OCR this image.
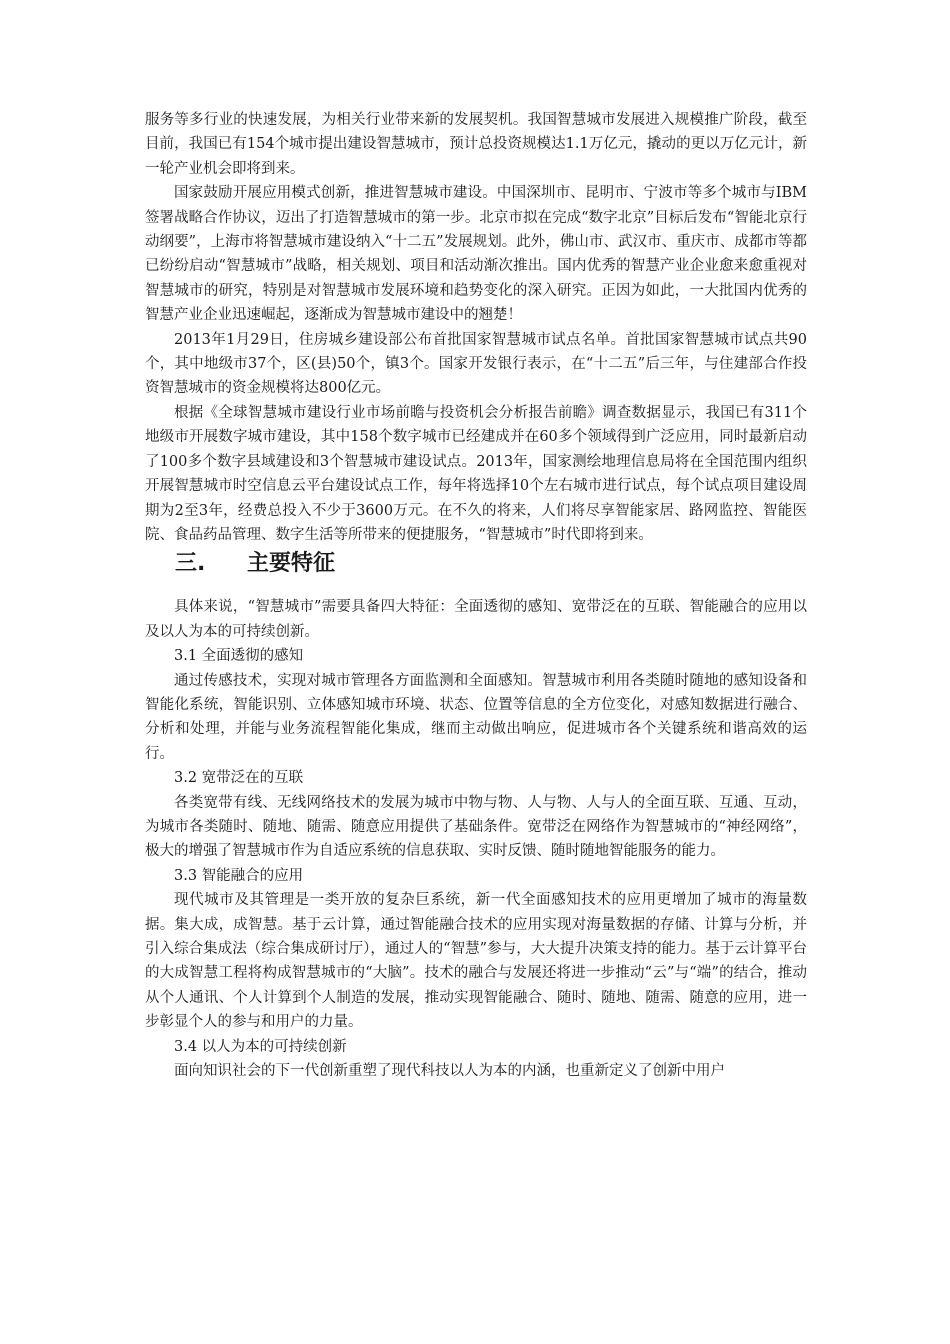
服务等多行业的快速发展，为相关行业带来新的发展契机。我国智慧城市发展进入规模推广阶段，截至目前，我国已有154个城市提出建设智慧城市，预计总投资规模达1.1万亿元，撬动的更以万亿元计，新一轮产业机会即将到来。

国家鼓励开展应用模式创新，推进智慧城市建设。中国深圳市、昆明市、宁波市等多个城市与IBM签署战略合作协议，迈出了打造智慧城市的第一步。北京市拟在完成“数字北京”目标后发布“智能北京行动纲要”，上海市将智慧城市建设纳入“十二五”发展规划。此外，佛山市、武汉市、重庆市、成都市等都已纷纷启动“智慧城市”战略，相关规划、项目和活动渐次推出。国内优秀的智慧产业企业愈来愈重视对智慧城市的研究，特别是对智慧城市发展环境和趋势变化的深入研究。正因为如此，一大批国内优秀的智慧产业企业迅速崛起，逐渐成为智慧城市建设中的翘楚！

2013年1月29日，住房城乡建设部公布首批国家智慧城市试点名单。首批国家智慧城市试点共90个，其中地级市37个，区(县)50个，镇3个。国家开发银行表示，在“十二五”后三年，与住建部合作投资智慧城市的资金规模将达800亿元。

根据《全球智慧城市建设行业市场前瞻与投资机会分析报告前瞻》调查数据显示，我国已有311个地级市开展数字城市建设，其中158个数字城市已经建成并在60多个领域得到广泛应用，同时最新启动了100多个数字县域建设和3个智慧城市建设试点。2013年，国家测绘地理信息局将在全国范围内组织开展智慧城市时空信息云平台建设试点工作，每年将选择10个左右城市进行试点，每个试点项目建设周期为2至3年，经费总投入不少于3600万元。在不久的将来，人们将尽享智能家居、路网监控、智能医院、食品药品管理、数字生活等所带来的便捷服务，“智慧城市”时代即将到来。

三. 主要特征

具体来说，“智慧城市”需要具备四大特征：全面透彻的感知、宽带泛在的互联、智能融合的应用以及以人为本的可持续创新。

3.1 全面透彻的感知

通过传感技术，实现对城市管理各方面监测和全面感知。智慧城市利用各类随时随地的感知设备和智能化系统，智能识别、立体感知城市环境、状态、位置等信息的全方位变化，对感知数据进行融合、分析和处理，并能与业务流程智能化集成，继而主动做出响应，促进城市各个关键系统和谐高效的运行。

3.2 宽带泛在的互联

各类宽带有线、无线网络技术的发展为城市中物与物、人与物、人与人的全面互联、互通、互动，为城市各类随时、随地、随需、随意应用提供了基础条件。宽带泛在网络作为智慧城市的“神经网络”，极大的增强了智慧城市作为自适应系统的信息获取、实时反馈、随时随地智能服务的能力。

3.3 智能融合的应用

现代城市及其管理是一类开放的复杂巨系统，新一代全面感知技术的应用更增加了城市的海量数据。集大成，成智慧。基于云计算，通过智能融合技术的应用实现对海量数据的存储、计算与分析，并引入综合集成法（综合集成研讨厅），通过人的“智慧”参与，大大提升决策支持的能力。基于云计算平台的大成智慧工程将构成智慧城市的“大脑”。技术的融合与发展还将进一步推动“云”与“端”的结合，推动从个人通讯、个人计算到个人制造的发展，推动实现智能融合、随时、随地、随需、随意的应用，进一步彰显个人的参与和用户的力量。

3.4 以人为本的可持续创新

面向知识社会的下一代创新重塑了现代科技以人为本的内涵，也重新定义了创新中用户
